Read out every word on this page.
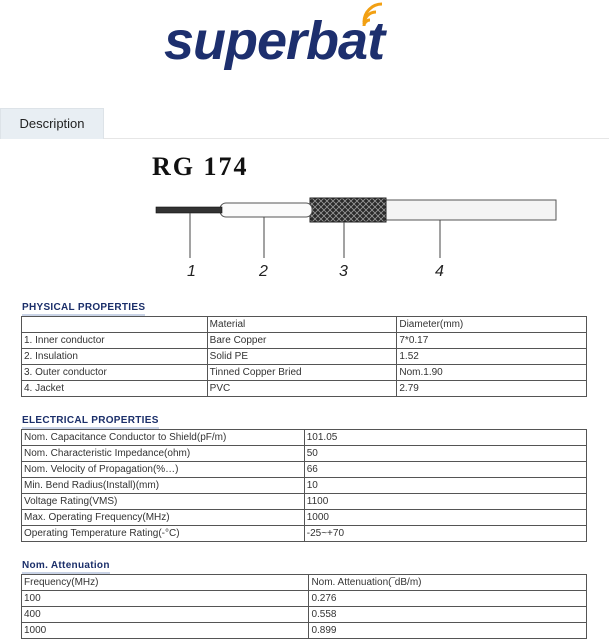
superbat
Description
RG 174
1	2	3	4
PHYSICAL PROPERTIES
	Material	Diameter(mm)
1. Inner conductor	Bare Copper	7*0.17
2. Insulation	Solid PE	1.52
3. Outer conductor	Tinned Copper Bried	Nom.1.90
4. Jacket	PVC	2.79
ELECTRICAL PROPERTIES
Nom. Capacitance Conductor to Shield(pF/m)	101.05
Nom. Characteristic Impedance(ohm)	50
Nom. Velocity of Propagation(%…)	66
Min. Bend Radius(Install)(mm)	10
Voltage Rating(VMS)	1100
Max. Operating Frequency(MHz)	1000
Operating Temperature Rating(-°C)	-25~+70
Nom. Attenuation
Frequency(MHz)	Nom. Attenuation(‾dB/m)
100	0.276
400	0.558
1000	0.899
